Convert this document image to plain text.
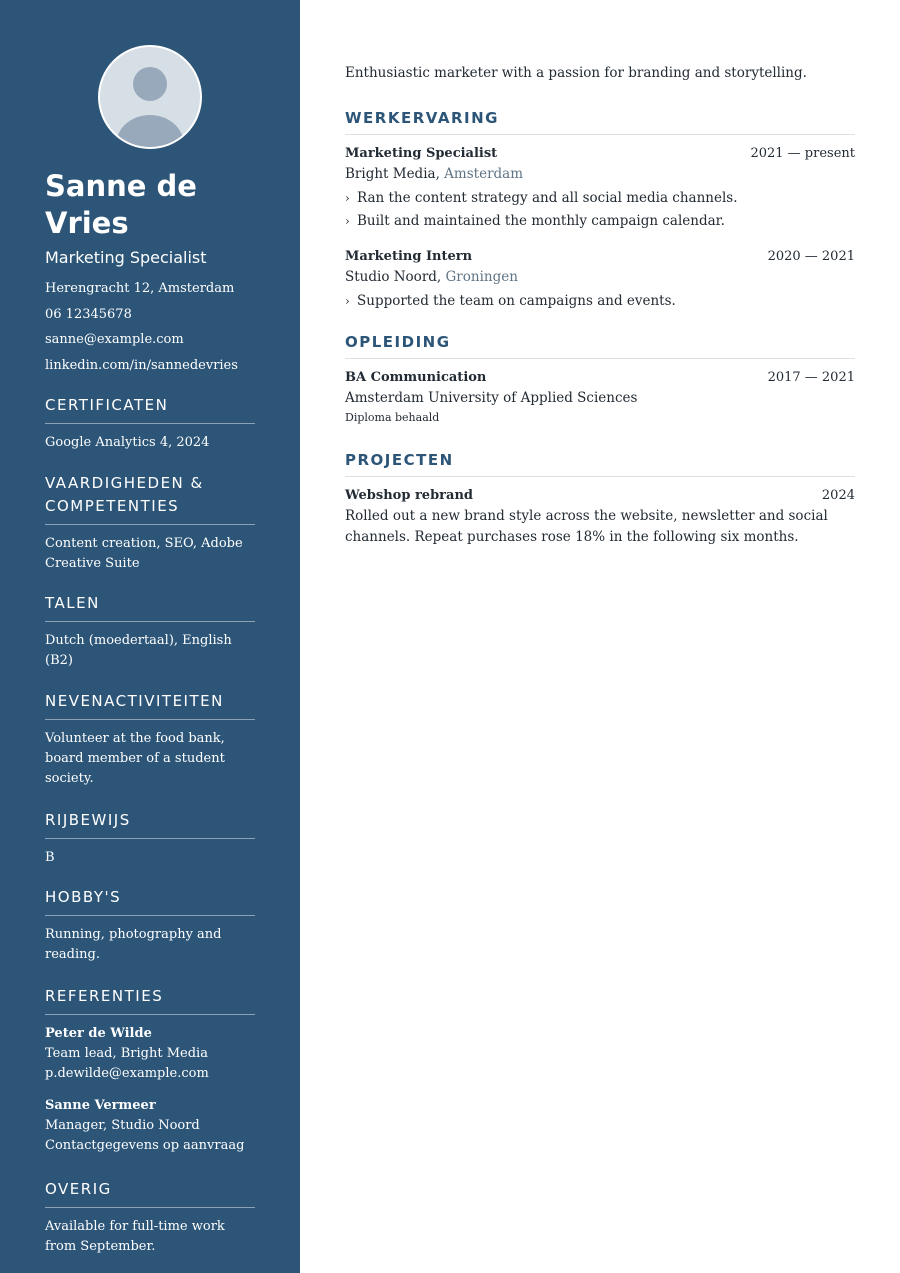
Sanne de Vries
Marketing Specialist
Herengracht 12, Amsterdam
06 12345678
sanne@example.com
linkedin.com/in/sannedevries
CERTIFICATEN
Google Analytics 4, 2024
VAARDIGHEDEN & COMPETENTIES
Content creation, SEO, Adobe Creative Suite
TALEN
Dutch (moedertaal), English (B2)
NEVENACTIVITEITEN
Volunteer at the food bank, board member of a student society.
RIJBEWIJS
B
HOBBY'S
Running, photography and reading.
REFERENTIES
Peter de Wilde
Team lead, Bright Media
p.dewilde@example.com
Sanne Vermeer
Manager, Studio Noord
Contactgegevens op aanvraag
OVERIG
Available for full-time work from September.
Enthusiastic marketer with a passion for branding and storytelling.
WERKERVARING
Marketing Specialist	2021 — present
Bright Media, Amsterdam
› Ran the content strategy and all social media channels.
› Built and maintained the monthly campaign calendar.
Marketing Intern	2020 — 2021
Studio Noord, Groningen
› Supported the team on campaigns and events.
OPLEIDING
BA Communication	2017 — 2021
Amsterdam University of Applied Sciences
Diploma behaald
PROJECTEN
Webshop rebrand	2024
Rolled out a new brand style across the website, newsletter and social channels. Repeat purchases rose 18% in the following six months.
